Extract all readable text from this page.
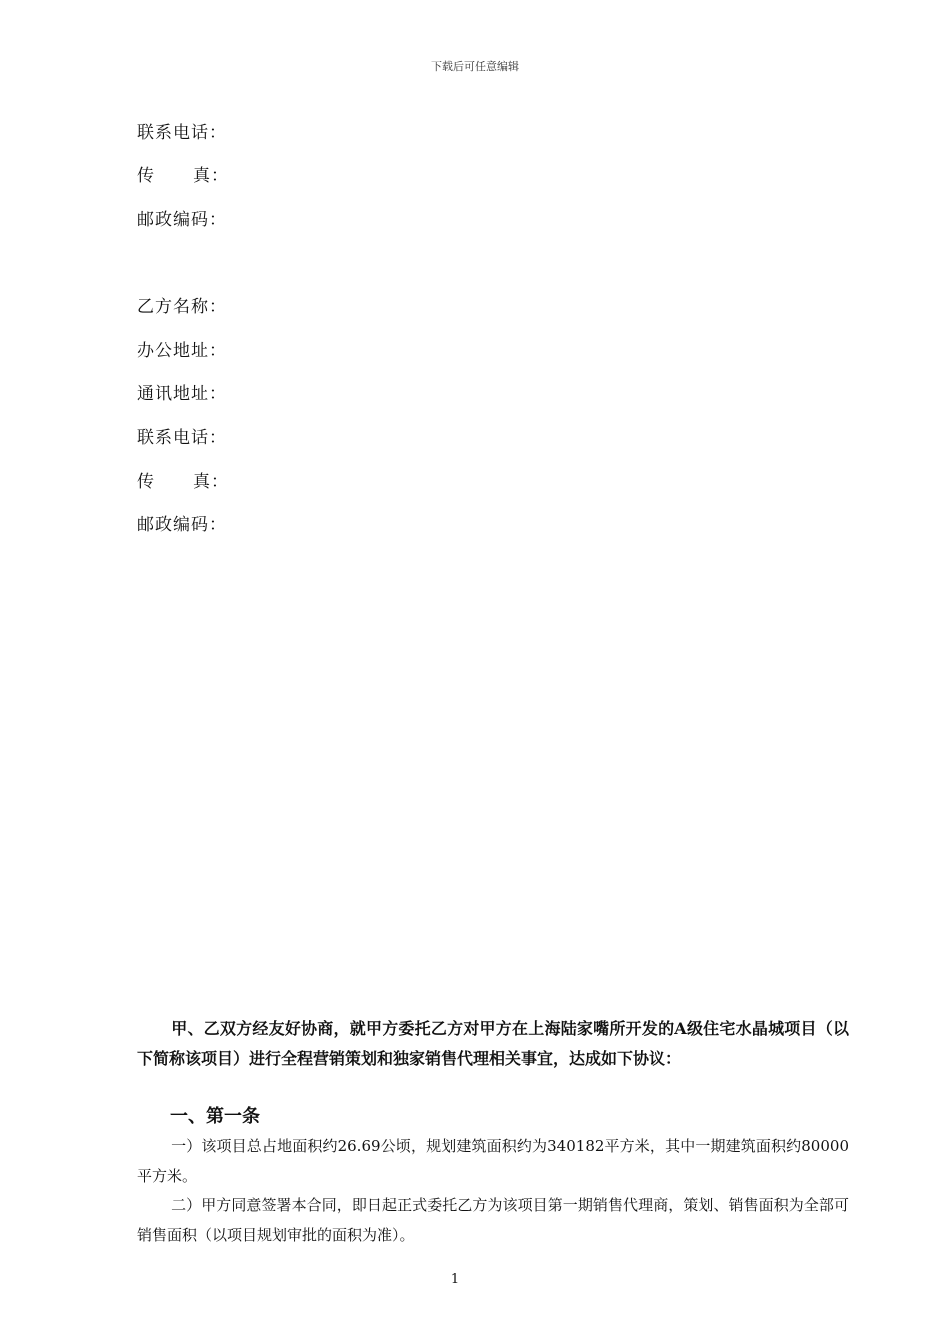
下载后可任意编辑
联系电话：
传 真：
邮政编码：
乙方名称：
办公地址：
通讯地址：
联系电话：
传 真：
邮政编码：
甲、乙双方经友好协商，就甲方委托乙方对甲方在上海陆家嘴所开发的A级住宅水晶城项目（以下简称该项目）进行全程营销策划和独家销售代理相关事宜，达成如下协议：
一、第一条
一）该项目总占地面积约26.69公顷，规划建筑面积约为340182平方米，其中一期建筑面积约80000平方米。
二）甲方同意签署本合同，即日起正式委托乙方为该项目第一期销售代理商，策划、销售面积为全部可销售面积（以项目规划审批的面积为准）。
1
